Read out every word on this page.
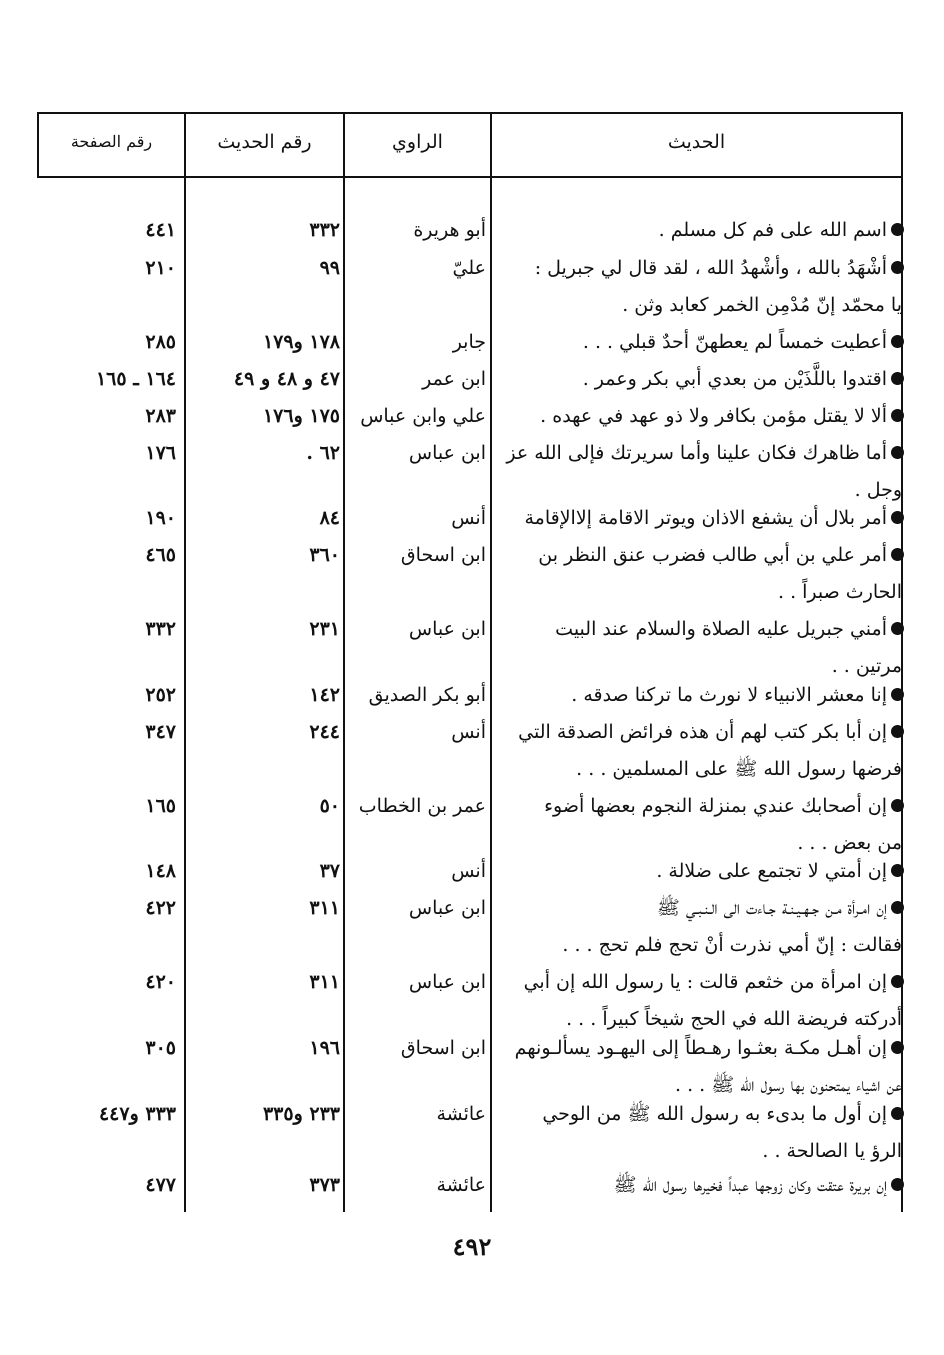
الحديث
الراوي
رقم الحديث
رقم الصفحة
اسم الله على فم كل مسلم .
أبو هريرة
٣٣٢
٤٤١
أشْهَدُ بالله ، وأشْهدُ الله ، لقد قال لي جبريل :
يا محمّد إنّ مُدْمِن الخمر كعابد وثن .
عليّ
٩٩
٢١٠
أعطيت خمساً لم يعطهنّ أحدٌ قبلي . . .
جابر
١٧٨ و١٧٩
٢٨٥
اقتدوا باللَّذَيْن من بعدي أبي بكر وعمر .
ابن عمر
٤٧ و ٤٨ و ٤٩
١٦٤ ـ ١٦٥
ألا لا يقتل مؤمن بكافر ولا ذو عهد في عهده .
علي وابن عباس
١٧٥ و١٧٦
٢٨٣
أما ظاهرك فكان علينا وأما سريرتك فإلى الله عز
وجل .
ابن عباس
٦٢ .
١٧٦
أمر بلال أن يشفع الاذان ويوتر الاقامة إلاالإقامة
أنس
٨٤
١٩٠
أمر علي بن أبي طالب فضرب عنق النظر بن
الحارث صبراً . .
ابن اسحاق
٣٦٠
٤٦٥
أمني جبريل عليه الصلاة والسلام عند البيت
مرتين . .
ابن عباس
٢٣١
٣٣٢
إنا معشر الانبياء لا نورث ما تركنا صدقه .
أبو بكر الصديق
١٤٢
٢٥٢
إن أبا بكر كتب لهم أن هذه فرائض الصدقة التي
فرضها رسول الله ﷺ على المسلمين . . .
أنس
٢٤٤
٣٤٧
إن أصحابك عندي بمنزلة النجوم بعضها أضوء
من بعض . . .
عمر بن الخطاب
٥٠
١٦٥
إن أمتي لا تجتمع على ضلالة .
أنس
٣٧
١٤٨
إن امـرأة مـن جـهـيـنـة جـاءت الى الـنـبـي ﷺ
فقالت : إنّ أمي نذرت أنْ تحج فلم تحج . . .
ابن عباس
٣١١
٤٢٢
إن امرأة من خثعم قالت : يا رسول الله إن أبي
أدركته فريضة الله في الحج شيخاً كبيراً . . .
ابن عباس
٣١١
٤٢٠
إن أهـل مكـة بعثـوا رهـطاً إلى اليهـود يسألـونهم
عن اشياء يمتحنون بها رسول الله ﷺ . . .
ابن اسحاق
١٩٦
٣٠٥
إن أول ما بدىء به رسول الله ﷺ من الوحي
الرؤ يا الصالحة . .
عائشة
٢٣٣ و٣٣٥
٣٣٣ و٤٤٧
إن بريرة عتقت وكان زوجها عبداً فخيرها رسول الله ﷺ
عائشة
٣٧٣
٤٧٧
٤٩٢
